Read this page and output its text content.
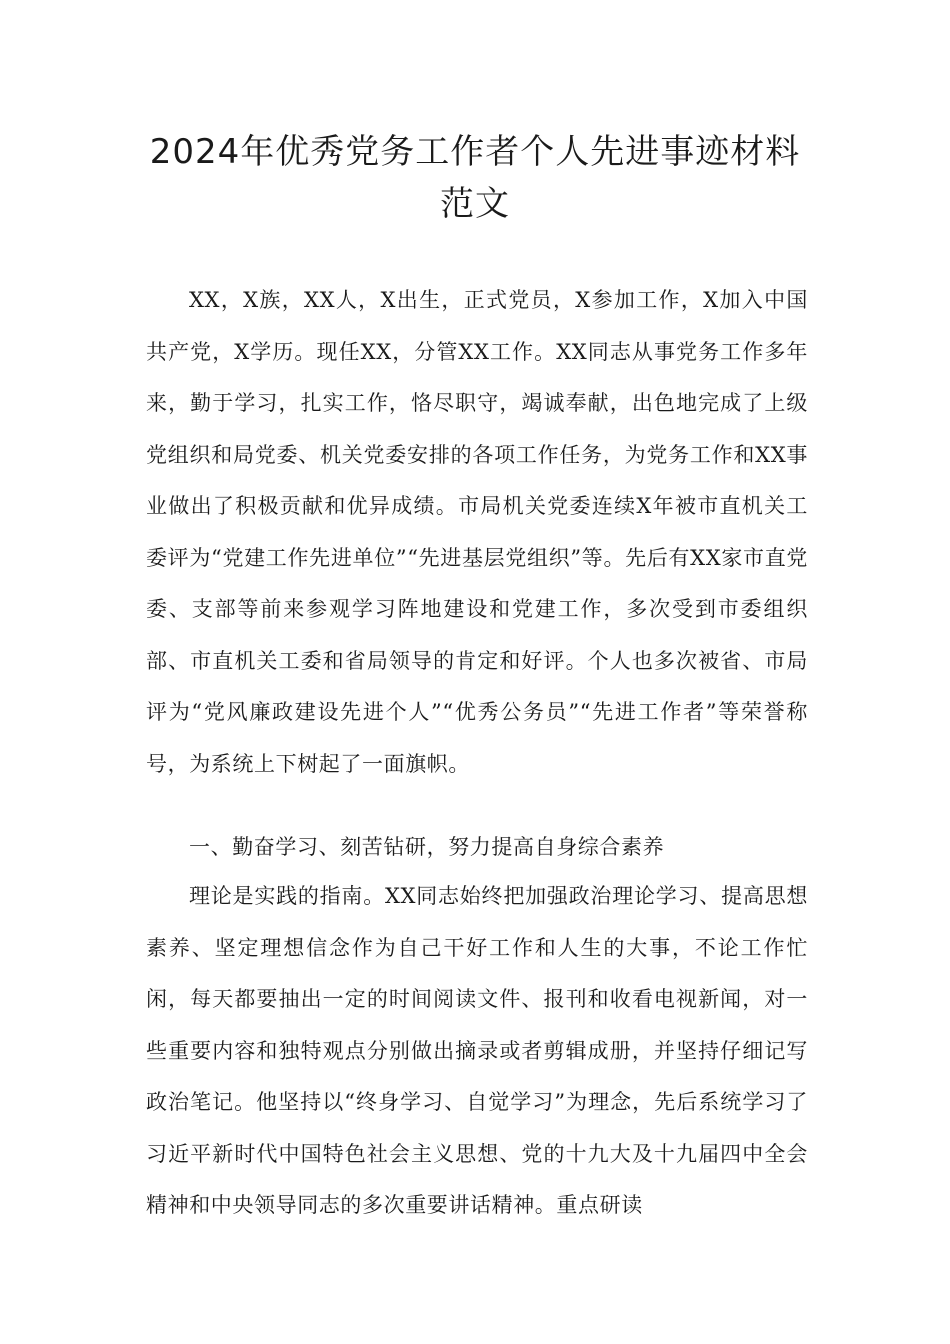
2024年优秀党务工作者个人先进事迹材料范文

XX，X族，XX人，X出生，正式党员，X参加工作，X加入中国共产党，X学历。现任XX，分管XX工作。XX同志从事党务工作多年来，勤于学习，扎实工作，恪尽职守，竭诚奉献，出色地完成了上级党组织和局党委、机关党委安排的各项工作任务，为党务工作和XX事业做出了积极贡献和优异成绩。市局机关党委连续X年被市直机关工委评为“党建工作先进单位”“先进基层党组织”等。先后有XX家市直党委、支部等前来参观学习阵地建设和党建工作，多次受到市委组织部、市直机关工委和省局领导的肯定和好评。个人也多次被省、市局评为“党风廉政建设先进个人”“优秀公务员”“先进工作者”等荣誉称号，为系统上下树起了一面旗帜。

一、勤奋学习、刻苦钻研，努力提高自身综合素养

理论是实践的指南。XX同志始终把加强政治理论学习、提高思想素养、坚定理想信念作为自己干好工作和人生的大事，不论工作忙闲，每天都要抽出一定的时间阅读文件、报刊和收看电视新闻，对一些重要内容和独特观点分别做出摘录或者剪辑成册，并坚持仔细记写政治笔记。他坚持以“终身学习、自觉学习”为理念，先后系统学习了习近平新时代中国特色社会主义思想、党的十九大及十九届四中全会精神和中央领导同志的多次重要讲话精神。重点研读
